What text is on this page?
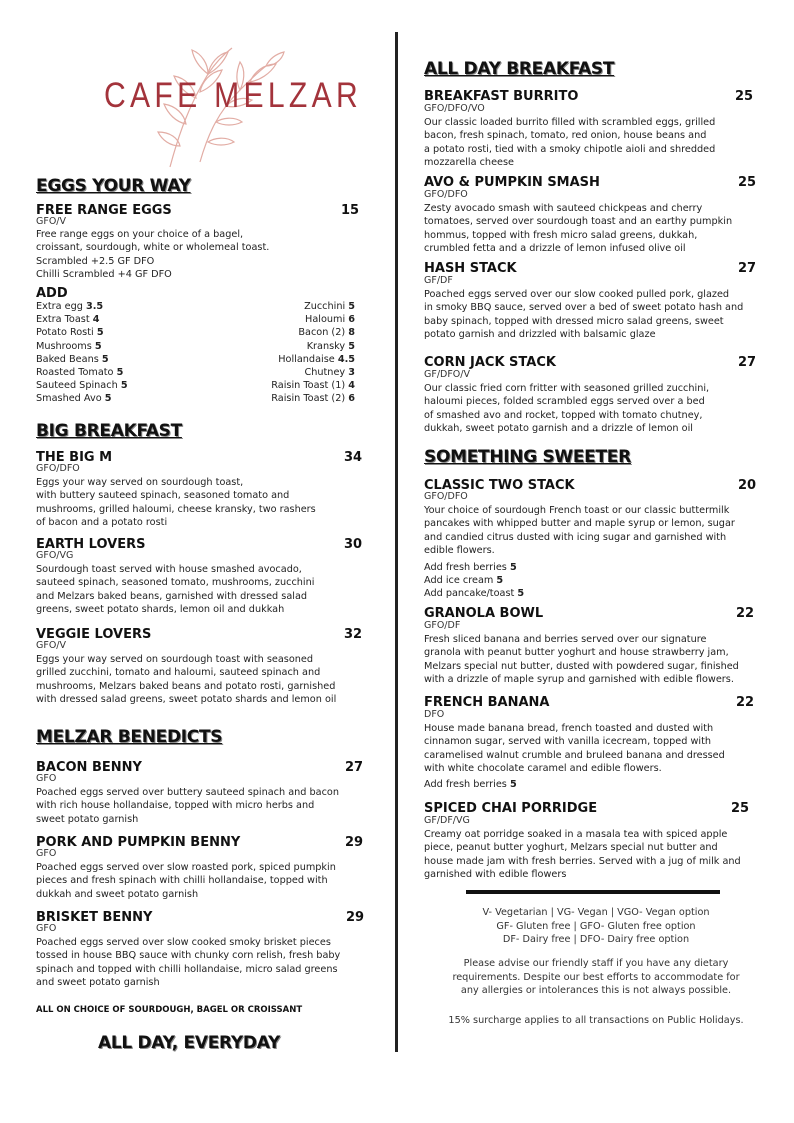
CAFE MELZAR
EGGS YOUR WAY
FREE RANGE EGGS	15
GFO/V
Free range eggs on your choice of a bagel,
croissant, sourdough, white or wholemeal toast.
Scrambled +2.5 GF DFO
Chilli Scrambled +4 GF DFO
ADD
Extra egg 3.5
Extra Toast 4
Potato Rosti 5
Mushrooms 5
Baked Beans 5
Roasted Tomato 5
Sauteed Spinach 5
Smashed Avo 5
Zucchini 5
Haloumi 6
Bacon (2) 8
Kransky 5
Hollandaise 4.5
Chutney 3
Raisin Toast (1) 4
Raisin Toast (2) 6
BIG BREAKFAST
THE BIG M	34
GFO/DFO
Eggs your way served on sourdough toast,
with buttery sauteed spinach, seasoned tomato and
mushrooms, grilled haloumi, cheese kransky, two rashers
of bacon and a potato rosti
EARTH LOVERS	30
GFO/VG
Sourdough toast served with house smashed avocado,
sauteed spinach, seasoned tomato, mushrooms, zucchini
and Melzars baked beans, garnished with dressed salad
greens, sweet potato shards, lemon oil and dukkah
VEGGIE LOVERS	32
GFO/V
Eggs your way served on sourdough toast with seasoned
grilled zucchini, tomato and haloumi, sauteed spinach and
mushrooms, Melzars baked beans and potato rosti, garnished
with dressed salad greens, sweet potato shards and lemon oil
MELZAR BENEDICTS
BACON BENNY	27
GFO
Poached eggs served over buttery sauteed spinach and bacon
with rich house hollandaise, topped with micro herbs and
sweet potato garnish
PORK AND PUMPKIN BENNY	29
GFO
Poached eggs served over slow roasted pork, spiced pumpkin
pieces and fresh spinach with chilli hollandaise, topped with
dukkah and sweet potato garnish
BRISKET BENNY	29
GFO
Poached eggs served over slow cooked smoky brisket pieces
tossed in house BBQ sauce with chunky corn relish, fresh baby
spinach and topped with chilli hollandaise, micro salad greens
and sweet potato garnish
ALL ON CHOICE OF SOURDOUGH, BAGEL OR CROISSANT
ALL DAY, EVERYDAY
ALL DAY BREAKFAST
BREAKFAST BURRITO	25
GFO/DFO/VO
Our classic loaded burrito filled with scrambled eggs, grilled
bacon, fresh spinach, tomato, red onion, house beans and
a potato rosti, tied with a smoky chipotle aioli and shredded
mozzarella cheese
AVO & PUMPKIN SMASH	25
GFO/DFO
Zesty avocado smash with sauteed chickpeas and cherry
tomatoes, served over sourdough toast and an earthy pumpkin
hommus, topped with fresh micro salad greens, dukkah,
crumbled fetta and a drizzle of lemon infused olive oil
HASH STACK	27
GF/DF
Poached eggs served over our slow cooked pulled pork, glazed
in smoky BBQ sauce, served over a bed of sweet potato hash and
baby spinach, topped with dressed micro salad greens, sweet
potato garnish and drizzled with balsamic glaze
CORN JACK STACK	27
GF/DFO/V
Our classic fried corn fritter with seasoned grilled zucchini,
haloumi pieces, folded scrambled eggs served over a bed
of smashed avo and rocket, topped with tomato chutney,
dukkah, sweet potato garnish and a drizzle of lemon oil
SOMETHING SWEETER
CLASSIC TWO STACK	20
GFO/DFO
Your choice of sourdough French toast or our classic buttermilk
pancakes with whipped butter and maple syrup or lemon, sugar
and candied citrus dusted with icing sugar and garnished with
edible flowers.
Add fresh berries 5
Add ice cream 5
Add pancake/toast 5
GRANOLA BOWL	22
GFO/DF
Fresh sliced banana and berries served over our signature
granola with peanut butter yoghurt and house strawberry jam,
Melzars special nut butter, dusted with powdered sugar, finished
with a drizzle of maple syrup and garnished with edible flowers.
FRENCH BANANA	22
DFO
House made banana bread, french toasted and dusted with
cinnamon sugar, served with vanilla icecream, topped with
caramelised walnut crumble and bruleed banana and dressed
with white chocolate caramel and edible flowers.
Add fresh berries 5
SPICED CHAI PORRIDGE	25
GF/DF/VG
Creamy oat porridge soaked in a masala tea with spiced apple
piece, peanut butter yoghurt, Melzars special nut butter and
house made jam with fresh berries. Served with a jug of milk and
garnished with edible flowers
V- Vegetarian | VG- Vegan | VGO- Vegan option
GF- Gluten free | GFO- Gluten free option
DF- Dairy free | DFO- Dairy free option
Please advise our friendly staff if you have any dietary
requirements. Despite our best efforts to accommodate for
any allergies or intolerances this is not always possible.
15% surcharge applies to all transactions on Public Holidays.
